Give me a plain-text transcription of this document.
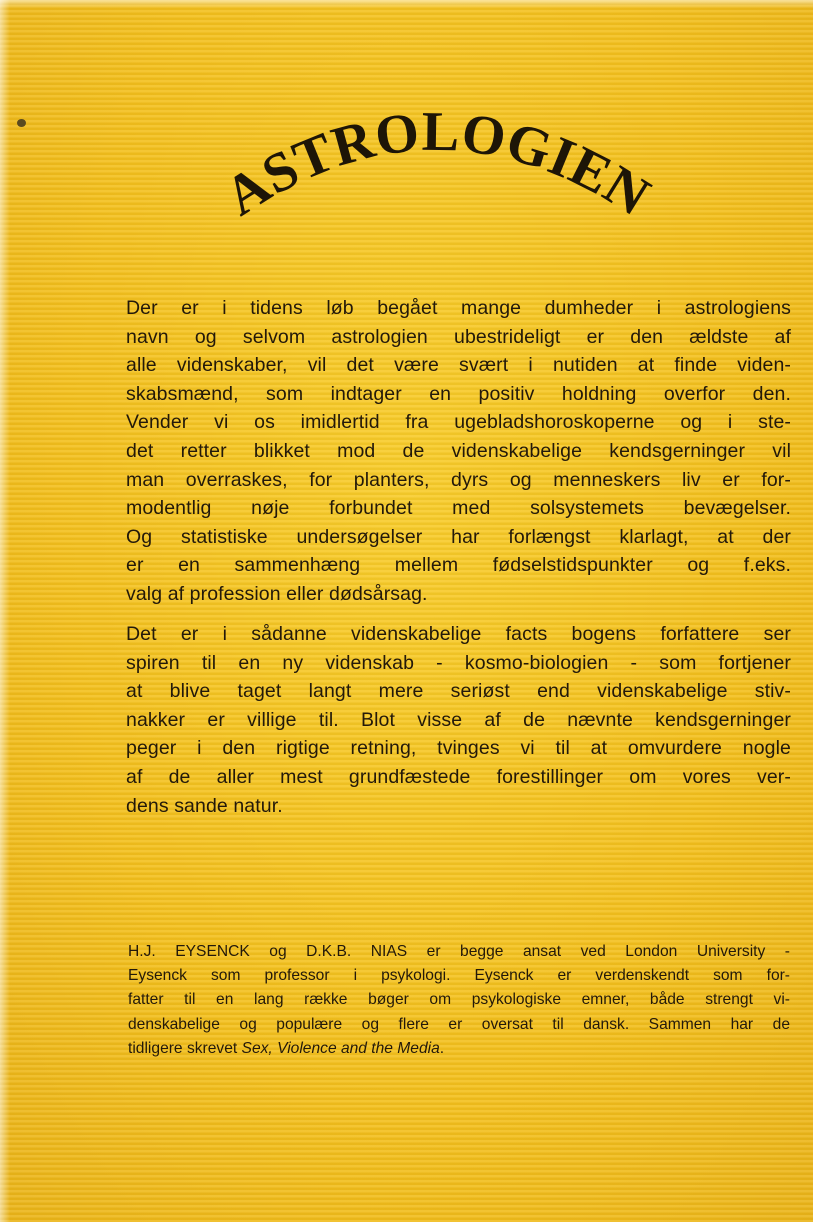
ASTROLOGIEN
Der er i tidens løb begået mange dumheder i astrologiens
navn og selvom astrologien ubestrideligt er den ældste af
alle videnskaber, vil det være svært i nutiden at finde viden-
skabsmænd, som indtager en positiv holdning overfor den.
Vender vi os imidlertid fra ugebladshoroskoperne og i ste-
det retter blikket mod de videnskabelige kendsgerninger vil
man overraskes, for planters, dyrs og menneskers liv er for-
modentlig nøje forbundet med solsystemets bevægelser.
Og statistiske undersøgelser har forlængst klarlagt, at der
er en sammenhæng mellem fødselstidspunkter og f.eks.
valg af profession eller dødsårsag.
Det er i sådanne videnskabelige facts bogens forfattere ser
spiren til en ny videnskab - kosmo-biologien - som fortjener
at blive taget langt mere seriøst end videnskabelige stiv-
nakker er villige til. Blot visse af de nævnte kendsgerninger
peger i den rigtige retning, tvinges vi til at omvurdere nogle
af de aller mest grundfæstede forestillinger om vores ver-
dens sande natur.
H.J. EYSENCK og D.K.B. NIAS er begge ansat ved London University -
Eysenck som professor i psykologi. Eysenck er verdenskendt som for-
fatter til en lang række bøger om psykologiske emner, både strengt vi-
denskabelige og populære og flere er oversat til dansk. Sammen har de
tidligere skrevet Sex, Violence and the Media.
